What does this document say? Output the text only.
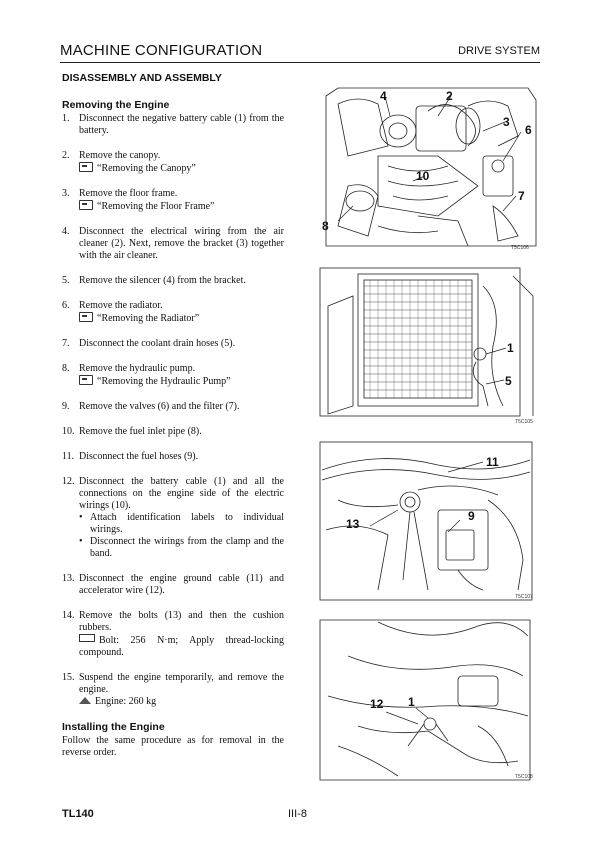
MACHINE CONFIGURATION	DRIVE SYSTEM
DISASSEMBLY AND ASSEMBLY
Removing the Engine
1. Disconnect the negative battery cable (1) from the battery.
2. Remove the canopy.
“Removing the Canopy”
3. Remove the floor frame.
“Removing the Floor Frame”
4. Disconnect the electrical wiring from the air cleaner (2). Next, remove the bracket (3) together with the air cleaner.
5. Remove the silencer (4) from the bracket.
6. Remove the radiator.
“Removing the Radiator”
7. Disconnect the coolant drain hoses (5).
8. Remove the hydraulic pump.
“Removing the Hydraulic Pump”
9. Remove the valves (6) and the filter (7).
10. Remove the fuel inlet pipe (8).
11. Disconnect the fuel hoses (9).
12. Disconnect the battery cable (1) and all the connections on the engine side of the electric wirings (10).
• Attach identification labels to individual wirings.
• Disconnect the wirings from the clamp and the band.
13. Disconnect the engine ground cable (11) and accelerator wire (12).
14. Remove the bolts (13) and then the cushion rubbers.
Bolt: 256 N·m; Apply thread-locking compound.
15. Suspend the engine temporarily, and remove the engine.
Engine: 260 kg
Installing the Engine
Follow the same procedure as for removal in the reverse order.
4	2
3
6
10
7
8
T5C106
1
5
T5C105
11
13
9
T5C107
12 1
T5C108
TL140	III-8
